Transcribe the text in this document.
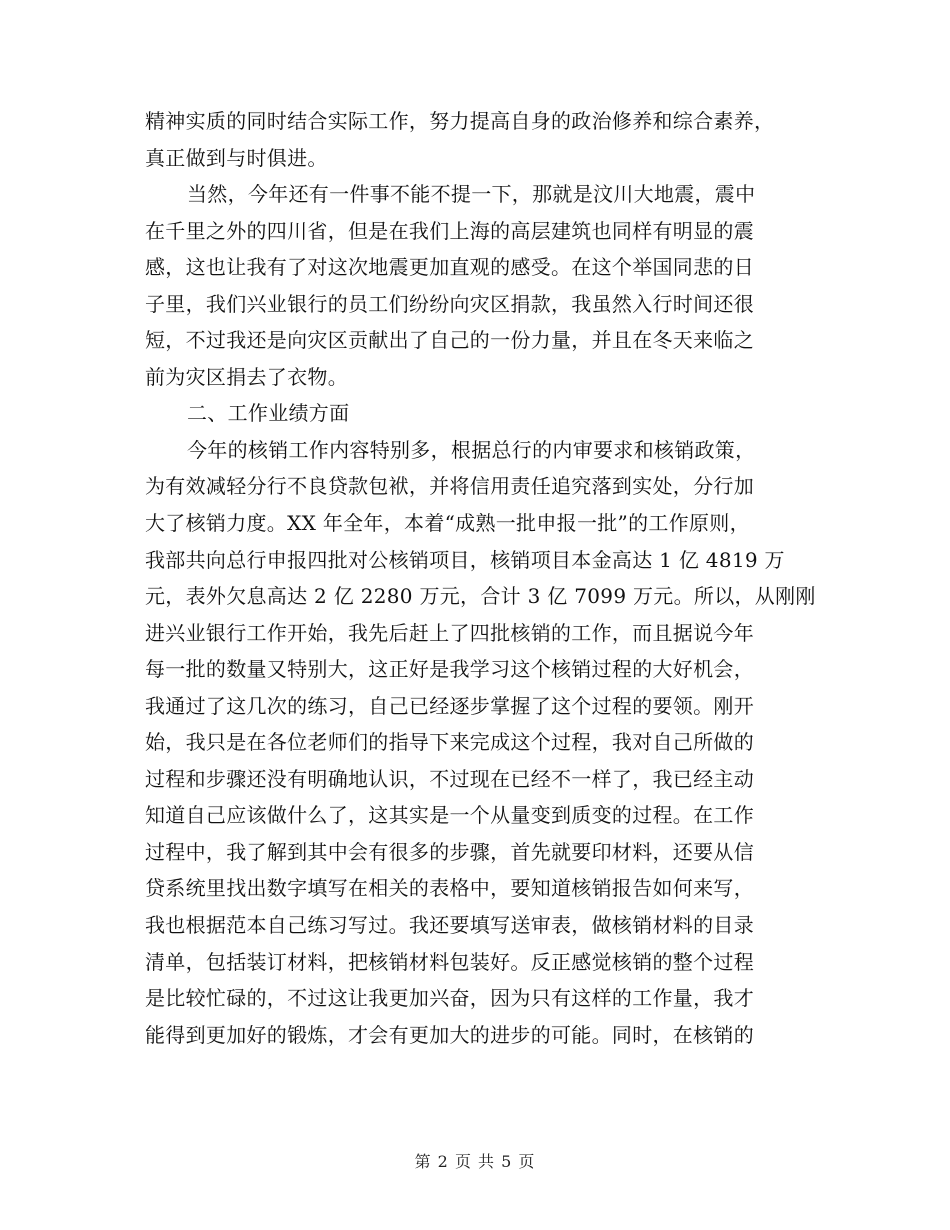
精神实质的同时结合实际工作，努力提高自身的政治修养和综合素养，
真正做到与时俱进。
当然，今年还有一件事不能不提一下，那就是汶川大地震，震中
在千里之外的四川省，但是在我们上海的高层建筑也同样有明显的震
感，这也让我有了对这次地震更加直观的感受。在这个举国同悲的日
子里，我们兴业银行的员工们纷纷向灾区捐款，我虽然入行时间还很
短，不过我还是向灾区贡献出了自己的一份力量，并且在冬天来临之
前为灾区捐去了衣物。
二、工作业绩方面
今年的核销工作内容特别多，根据总行的内审要求和核销政策，
为有效减轻分行不良贷款包袱，并将信用责任追究落到实处，分行加
大了核销力度。XX 年全年，本着“成熟一批申报一批”的工作原则，
我部共向总行申报四批对公核销项目，核销项目本金高达 1 亿 4819 万
元，表外欠息高达 2 亿 2280 万元，合计 3 亿 7099 万元。所以，从刚刚
进兴业银行工作开始，我先后赶上了四批核销的工作，而且据说今年
每一批的数量又特别大，这正好是我学习这个核销过程的大好机会，
我通过了这几次的练习，自己已经逐步掌握了这个过程的要领。刚开
始，我只是在各位老师们的指导下来完成这个过程，我对自己所做的
过程和步骤还没有明确地认识，不过现在已经不一样了，我已经主动
知道自己应该做什么了，这其实是一个从量变到质变的过程。在工作
过程中，我了解到其中会有很多的步骤，首先就要印材料，还要从信
贷系统里找出数字填写在相关的表格中，要知道核销报告如何来写，
我也根据范本自己练习写过。我还要填写送审表，做核销材料的目录
清单，包括装订材料，把核销材料包装好。反正感觉核销的整个过程
是比较忙碌的，不过这让我更加兴奋，因为只有这样的工作量，我才
能得到更加好的锻炼，才会有更加大的进步的可能。同时，在核销的
第 2 页 共 5 页
